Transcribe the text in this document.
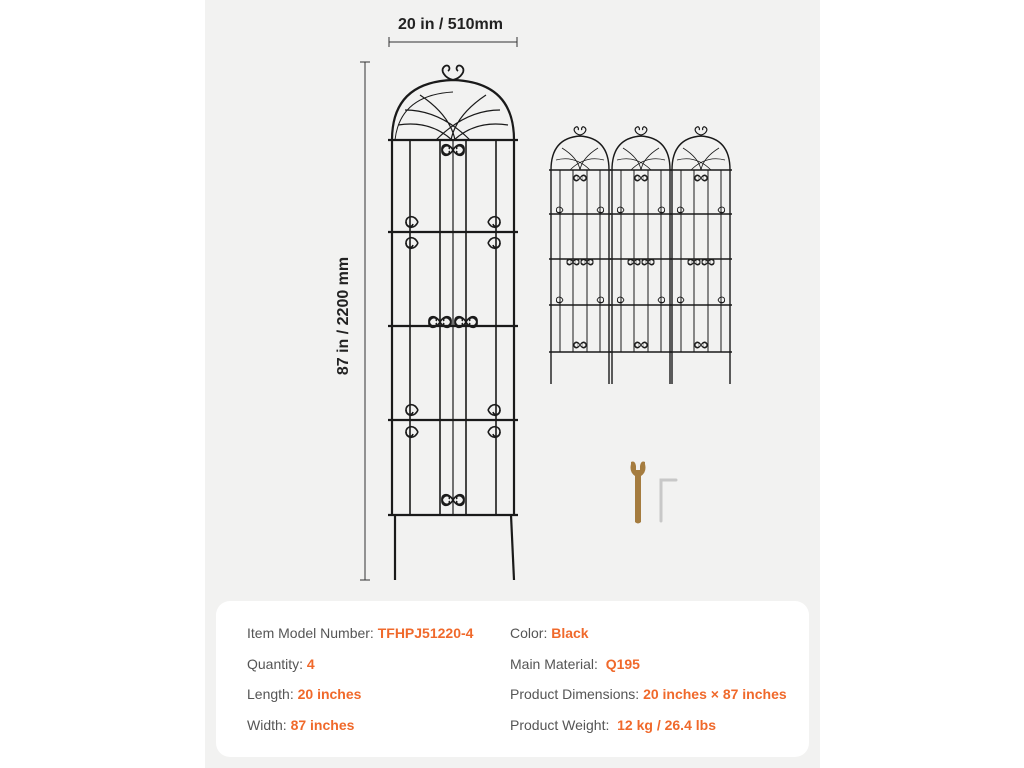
20 in / 510mm
87 in / 2200 mm
Item Model Number: TFHPJ51220-4
Quantity: 4
Length: 20 inches
Width: 87 inches
Color: Black
Main Material:  Q195
Product Dimensions: 20 inches × 87 inches
Product Weight:  12 kg / 26.4 lbs
